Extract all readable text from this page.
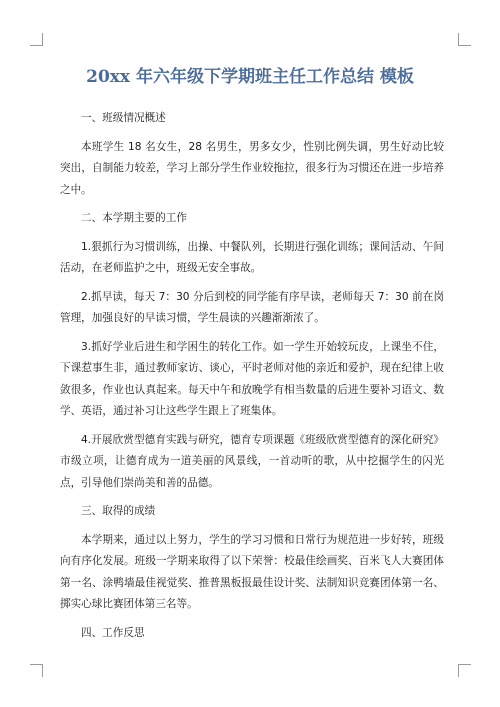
20xx 年六年级下学期班主任工作总结 模板
一、班级情况概述

本班学生 18 名女生，28 名男生，男多女少，性别比例失调，男生好动比较突出，自制能力较差，学习上部分学生作业较拖拉，很多行为习惯还在进一步培养之中。

二、本学期主要的工作

1.狠抓行为习惯训练，出操、中餐队列，长期进行强化训练；课间活动、午间活动，在老师监护之中，班级无安全事故。

2.抓早读，每天 7：30 分后到校的同学能有序早读，老师每天 7：30 前在岗管理，加强良好的早读习惯，学生晨读的兴趣渐渐浓了。

3.抓好学业后进生和学困生的转化工作。如一学生开始较玩皮，上课坐不住，下课惹事生非，通过教师家访、谈心，平时老师对他的亲近和爱护，现在纪律上收敛很多，作业也认真起来。每天中午和放晚学有相当数量的后进生要补习语文、数学、英语，通过补习让这些学生跟上了班集体。

4.开展欣赏型德育实践与研究，德育专项课题《班级欣赏型德育的深化研究》市级立项，让德育成为一道美丽的风景线，一首动听的歌，从中挖掘学生的闪光点，引导他们崇尚美和善的品德。

三、取得的成绩

本学期来，通过以上努力，学生的学习习惯和日常行为规范进一步好转，班级向有序化发展。班级一学期来取得了以下荣誉：校最佳绘画奖、百米飞人大赛团体第一名、涂鸭墙最佳视觉奖、推普黑板报最佳设计奖、法制知识竞赛团体第一名、掷实心球比赛团体第三名等。

四、工作反思
